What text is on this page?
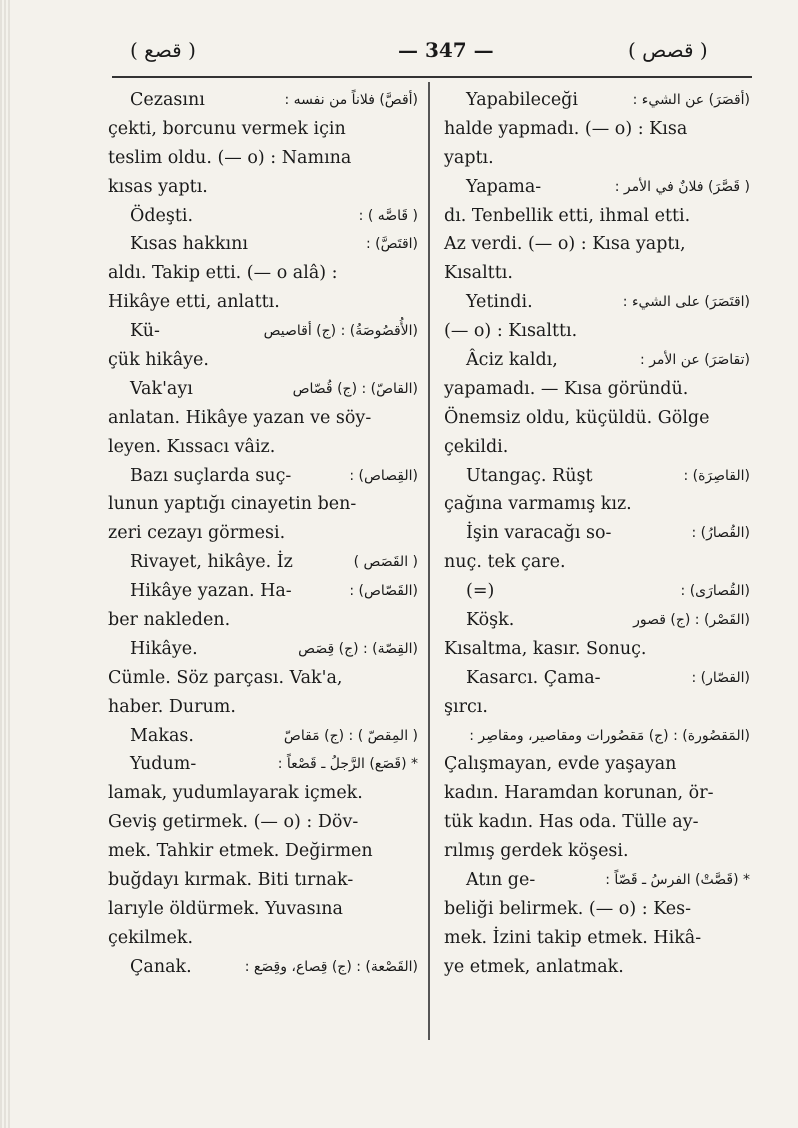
( قصع )	— 347 —	( قصص )
Cezasını	(أقصَّ) فلاناً من نفسه :
çekti, borcunu vermek için
teslim oldu. (— o) : Namına
kısas yaptı.
Ödeşti.	( قَاصَّه ) :
Kısas hakkını	(اقتَصَّ) :
aldı. Takip etti. (— o alâ) :
Hikâye etti, anlattı.
Kü-	(الأُقصُوصَةُ) : (ج) أقاصيص
çük hikâye.
Vak'ayı	(القاصّ) : (ج) قُصّاص
anlatan. Hikâye yazan ve söy-
leyen. Kıssacı vâiz.
Bazı suçlarda suç-	(القِصاص) :
lunun yaptığı cinayetin ben-
zeri cezayı görmesi.
Rivayet, hikâye. İz	( القَصَص )
Hikâye yazan. Ha-	(القَصّاص) :
ber nakleden.
Hikâye.	(القِصّة) : (ج) قِصَص
Cümle. Söz parçası. Vak'a,
haber. Durum.
Makas.	( المِقصّ ) : (ج) مَقاصّ
Yudum-	* (قَصَع) الرَّجلُ ـ قَصْعاً :
lamak, yudumlayarak içmek.
Geviş getirmek. (— o) : Döv-
mek. Tahkir etmek. Değirmen
buğdayı kırmak. Biti tırnak-
larıyle öldürmek. Yuvasına
çekilmek.
Çanak.	(القَصْعة) : (ج) قِصاع، وقِصَع :
Yapabileceği	(أقصَرَ) عن الشيء :
halde yapmadı. (— o) : Kısa
yaptı.
Yapama-	( قَصَّرَ) فلانٌ في الأمر :
dı. Tenbellik etti, ihmal etti.
Az verdi. (— o) : Kısa yaptı,
Kısalttı.
Yetindi.	(اقتَصَرَ) على الشيء :
(— o) : Kısalttı.
Âciz kaldı,	(تقاصَرَ) عن الأمر :
yapamadı. — Kısa göründü.
Önemsiz oldu, küçüldü. Gölge
çekildi.
Utangaç. Rüşt	(القاصِرَة) :
çağına varmamış kız.
İşin varacağı so-	(القُصارُ) :
nuç. tek çare.
(=)	(القُصارَى) :
Köşk.	(القَصْر) : (ج) قصور
Kısaltma, kasır. Sonuç.
Kasarcı. Çama-	(القصّار) :
şırcı.
(المَقصُورة) : (ج) مَقصُورات ومقاصير، ومقاصِر :
Çalışmayan, evde yaşayan
kadın. Haramdan korunan, ör-
tük kadın. Has oda. Tülle ay-
rılmış gerdek köşesi.
Atın ge-	* (قَصَّتْ) الفرسُ ـ قَصّاً :
beliği belirmek. (— o) : Kes-
mek. İzini takip etmek. Hikâ-
ye etmek, anlatmak.
